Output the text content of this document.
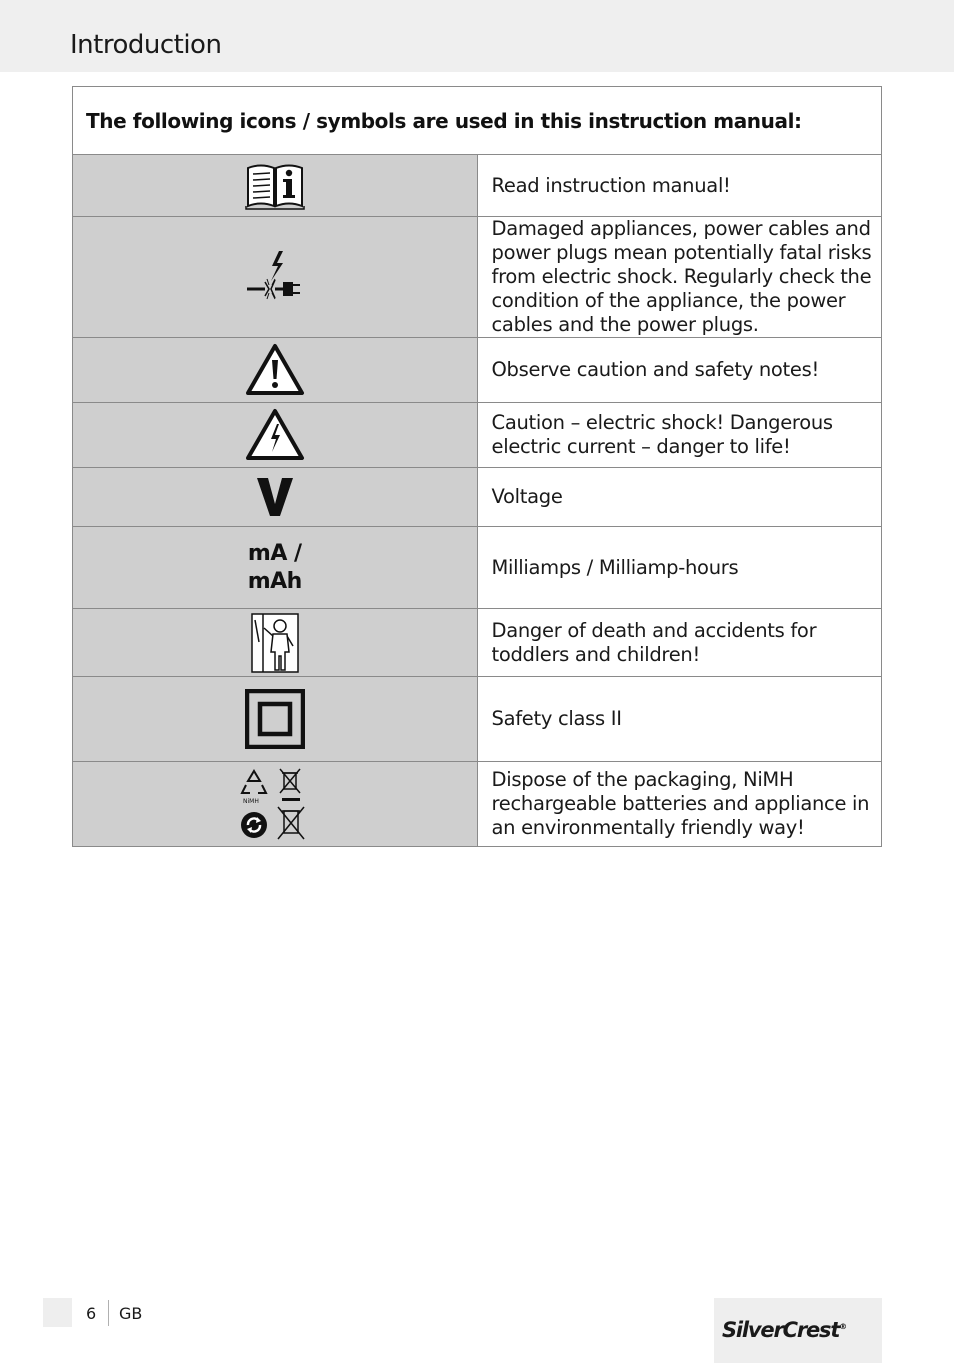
Introduction
The following icons / symbols are used in this instruction manual:	

	Read instruction manual!

	Damaged appliances, power cables and power plugs mean potentially fatal risks from electric shock. Regularly check the condition of the appliance, the power cables and the power plugs.

	Observe caution and safety notes!

	Caution – electric shock! Dangerous electric current – danger to life!

	Voltage

mA /
mAh	Milliamps / Milliamp-hours

	Danger of death and accidents for toddlers and children!

	Safety class II

NiMH	Dispose of the packaging, NiMH rechargeable batteries and appliance in an environmentally friendly way!
6 GB
SilverCrest®
